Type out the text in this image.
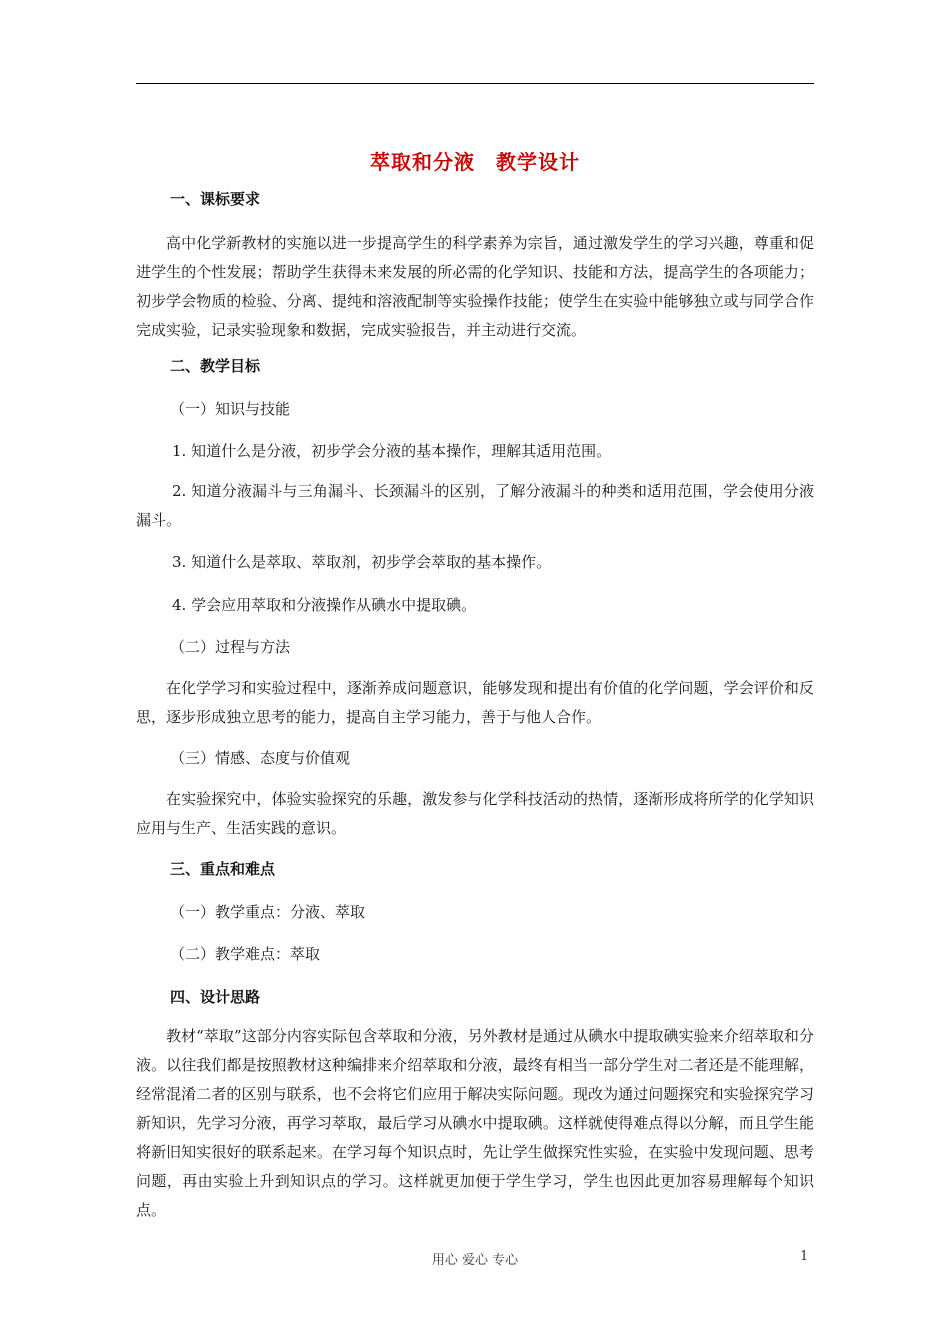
萃取和分液　教学设计
一、课标要求
高中化学新教材的实施以进一步提高学生的科学素养为宗旨，通过激发学生的学习兴趣，尊重和促进学生的个性发展；帮助学生获得未来发展的所必需的化学知识、技能和方法，提高学生的各项能力；初步学会物质的检验、分离、提纯和溶液配制等实验操作技能；使学生在实验中能够独立或与同学合作完成实验，记录实验现象和数据，完成实验报告，并主动进行交流。
二、教学目标
（一）知识与技能
1. 知道什么是分液，初步学会分液的基本操作，理解其适用范围。
2. 知道分液漏斗与三角漏斗、长颈漏斗的区别，了解分液漏斗的种类和适用范围，学会使用分液漏斗。
3. 知道什么是萃取、萃取剂，初步学会萃取的基本操作。
4. 学会应用萃取和分液操作从碘水中提取碘。
（二）过程与方法
在化学学习和实验过程中，逐渐养成问题意识，能够发现和提出有价值的化学问题，学会评价和反思，逐步形成独立思考的能力，提高自主学习能力，善于与他人合作。
（三）情感、态度与价值观
在实验探究中，体验实验探究的乐趣，激发参与化学科技活动的热情，逐渐形成将所学的化学知识应用与生产、生活实践的意识。
三、重点和难点
（一）教学重点：分液、萃取
（二）教学难点：萃取
四、设计思路
教材“萃取”这部分内容实际包含萃取和分液，另外教材是通过从碘水中提取碘实验来介绍萃取和分液。以往我们都是按照教材这种编排来介绍萃取和分液，最终有相当一部分学生对二者还是不能理解，经常混淆二者的区别与联系，也不会将它们应用于解决实际问题。现改为通过问题探究和实验探究学习新知识，先学习分液，再学习萃取，最后学习从碘水中提取碘。这样就使得难点得以分解，而且学生能将新旧知实很好的联系起来。在学习每个知识点时，先让学生做探究性实验，在实验中发现问题、思考问题，再由实验上升到知识点的学习。这样就更加便于学生学习，学生也因此更加容易理解每个知识点。
用心 爱心 专心	1
